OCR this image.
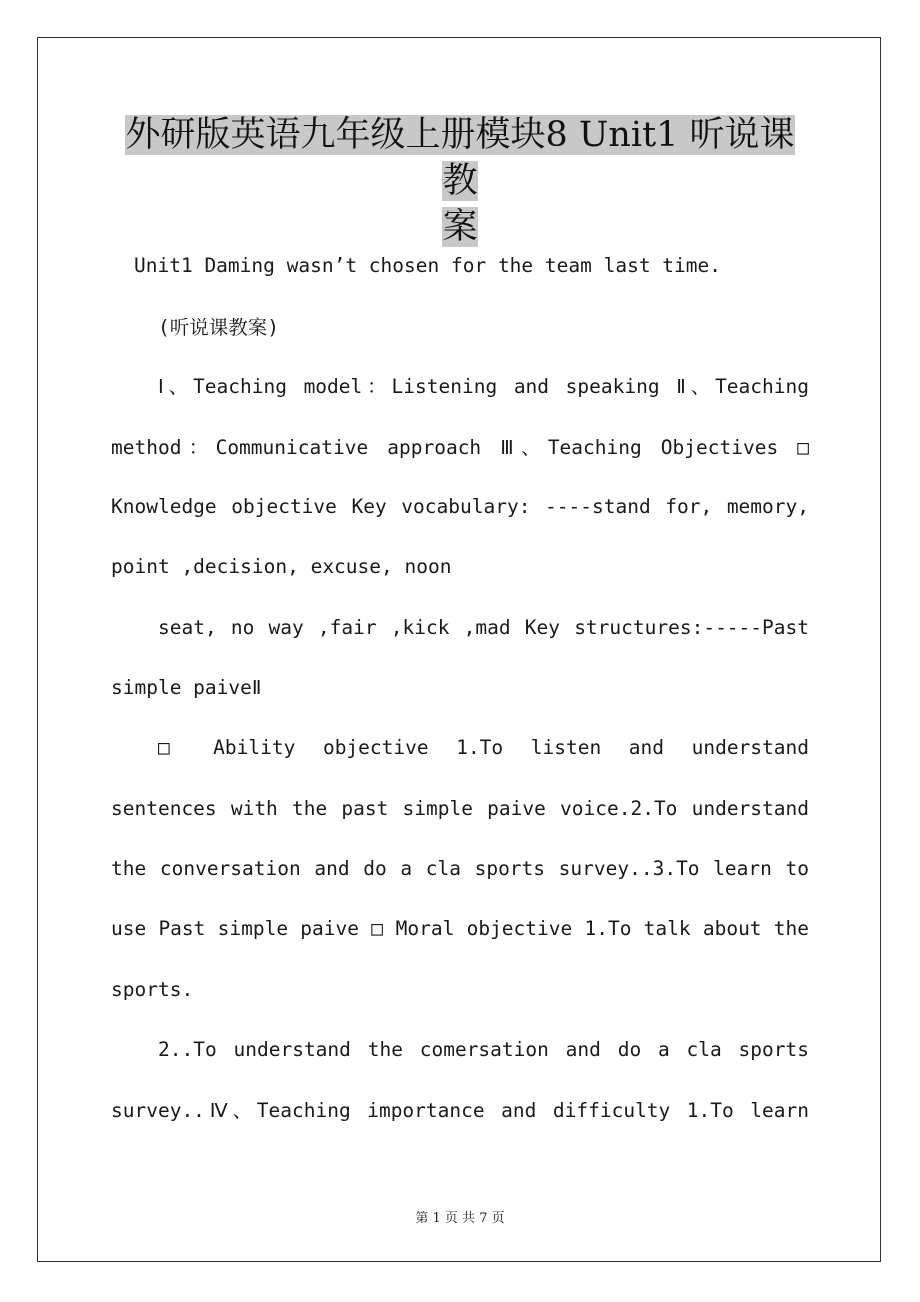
外研版英语九年级上册模块8 Unit1 听说课教
案
Unit1 Daming wasn’t chosen for the team last time.
(听说课教案)
Ⅰ、Teaching model：Listening and speaking Ⅱ、Teaching
method：Communicative approach Ⅲ、Teaching Objectives □
Knowledge objective Key vocabulary: ----stand for, memory,
point ,decision, excuse, noon
seat, no way ,fair ,kick ,mad Key structures:-----Past
simple paiveⅡ
□ Ability objective 1.To listen and understand
sentences with the past simple paive voice.2.To understand
the conversation and do a cla sports survey..3.To learn to
use Past simple paive □ Moral objective 1.To talk about the
sports.
2..To understand the comersation and do a cla sports
survey..Ⅳ、Teaching importance and difficulty 1.To learn
第 1 页 共 7 页
